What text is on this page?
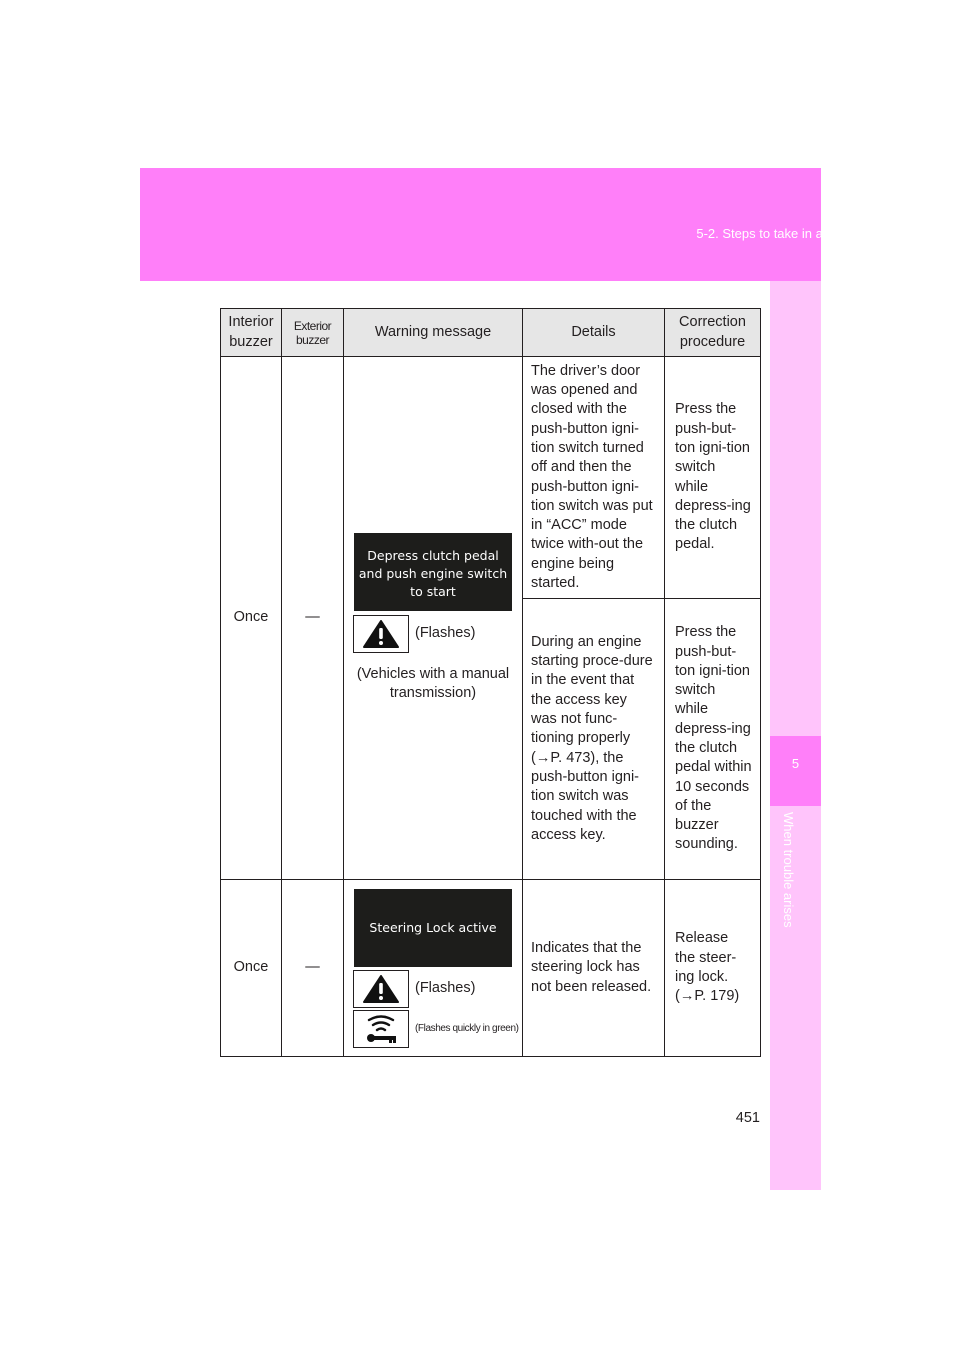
5-2. Steps to take in an emergency
5
When trouble arises
Interior buzzer	Exterior buzzer	Warning message	Details	Correction procedure
Once	—	Depress clutch pedal and push engine switch to start
(Flashes)
(Vehicles with a manual transmission)	The driver’s door was opened and closed with the push-button igni-tion switch turned off and then the push-button igni-tion switch was put in “ACC” mode twice with-out the engine being started.	Press the push-but-ton igni-tion switch while depress-ing the clutch pedal.
			During an engine starting proce-dure in the event that the access key was not func-tioning properly (→P. 473), the push-button igni-tion switch was touched with the access key.	Press the push-but-ton igni-tion switch while depress-ing the clutch pedal within 10 seconds of the buzzer sounding.
Once	—	Steering Lock active
(Flashes)
(Flashes quickly in green)	Indicates that the steering lock has not been released.	Release the steer-ing lock. (→P. 179)
451
